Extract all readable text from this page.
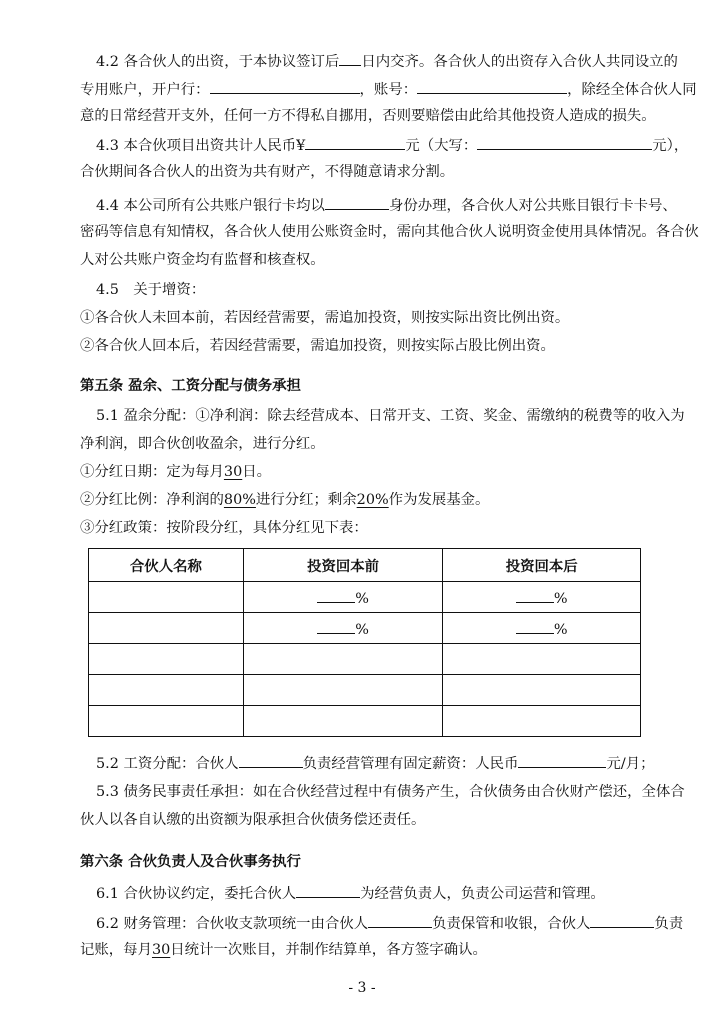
4.2 各合伙人的出资，于本协议签订后 日内交齐。各合伙人的出资存入合伙人共同设立的
专用账户，开户行：	，账号：	，除经全体合伙人同
意的日常经营开支外，任何一方不得私自挪用，否则要赔偿由此给其他投资人造成的损失。
4.3 本合伙项目出资共计人民币¥	元（大写：	元），
合伙期间各合伙人的出资为共有财产，不得随意请求分割。
4.4 本公司所有公共账户银行卡均以	身份办理，各合伙人对公共账目银行卡卡号、
密码等信息有知情权，各合伙人使用公账资金时，需向其他合伙人说明资金使用具体情况。各合伙
人对公共账户资金均有监督和核查权。
4.5　关于增资：
①各合伙人未回本前，若因经营需要，需追加投资，则按实际出资比例出资。
②各合伙人回本后，若因经营需要，需追加投资，则按实际占股比例出资。
第五条 盈余、工资分配与债务承担
5.1 盈余分配：①净利润：除去经营成本、日常开支、工资、奖金、需缴纳的税费等的收入为
净利润，即合伙创收盈余，进行分红。
①分红日期：定为每月30日。
②分红比例：净利润的80%进行分红；剩余20%作为发展基金。
③分红政策：按阶段分红，具体分红见下表：
合伙人名称	投资回本前	投资回本后
	%	%
	%	%

5.2 工资分配：合伙人	负责经营管理有固定薪资：人民币	元/月；
5.3 债务民事责任承担：如在合伙经营过程中有债务产生，合伙债务由合伙财产偿还，全体合
伙人以各自认缴的出资额为限承担合伙债务偿还责任。
第六条 合伙负责人及合伙事务执行
6.1 合伙协议约定，委托合伙人	为经营负责人，负责公司运营和管理。
6.2 财务管理：合伙收支款项统一由合伙人	负责保管和收银，合伙人	负责
记账，每月30日统计一次账目，并制作结算单，各方签字确认。
- 3 -
